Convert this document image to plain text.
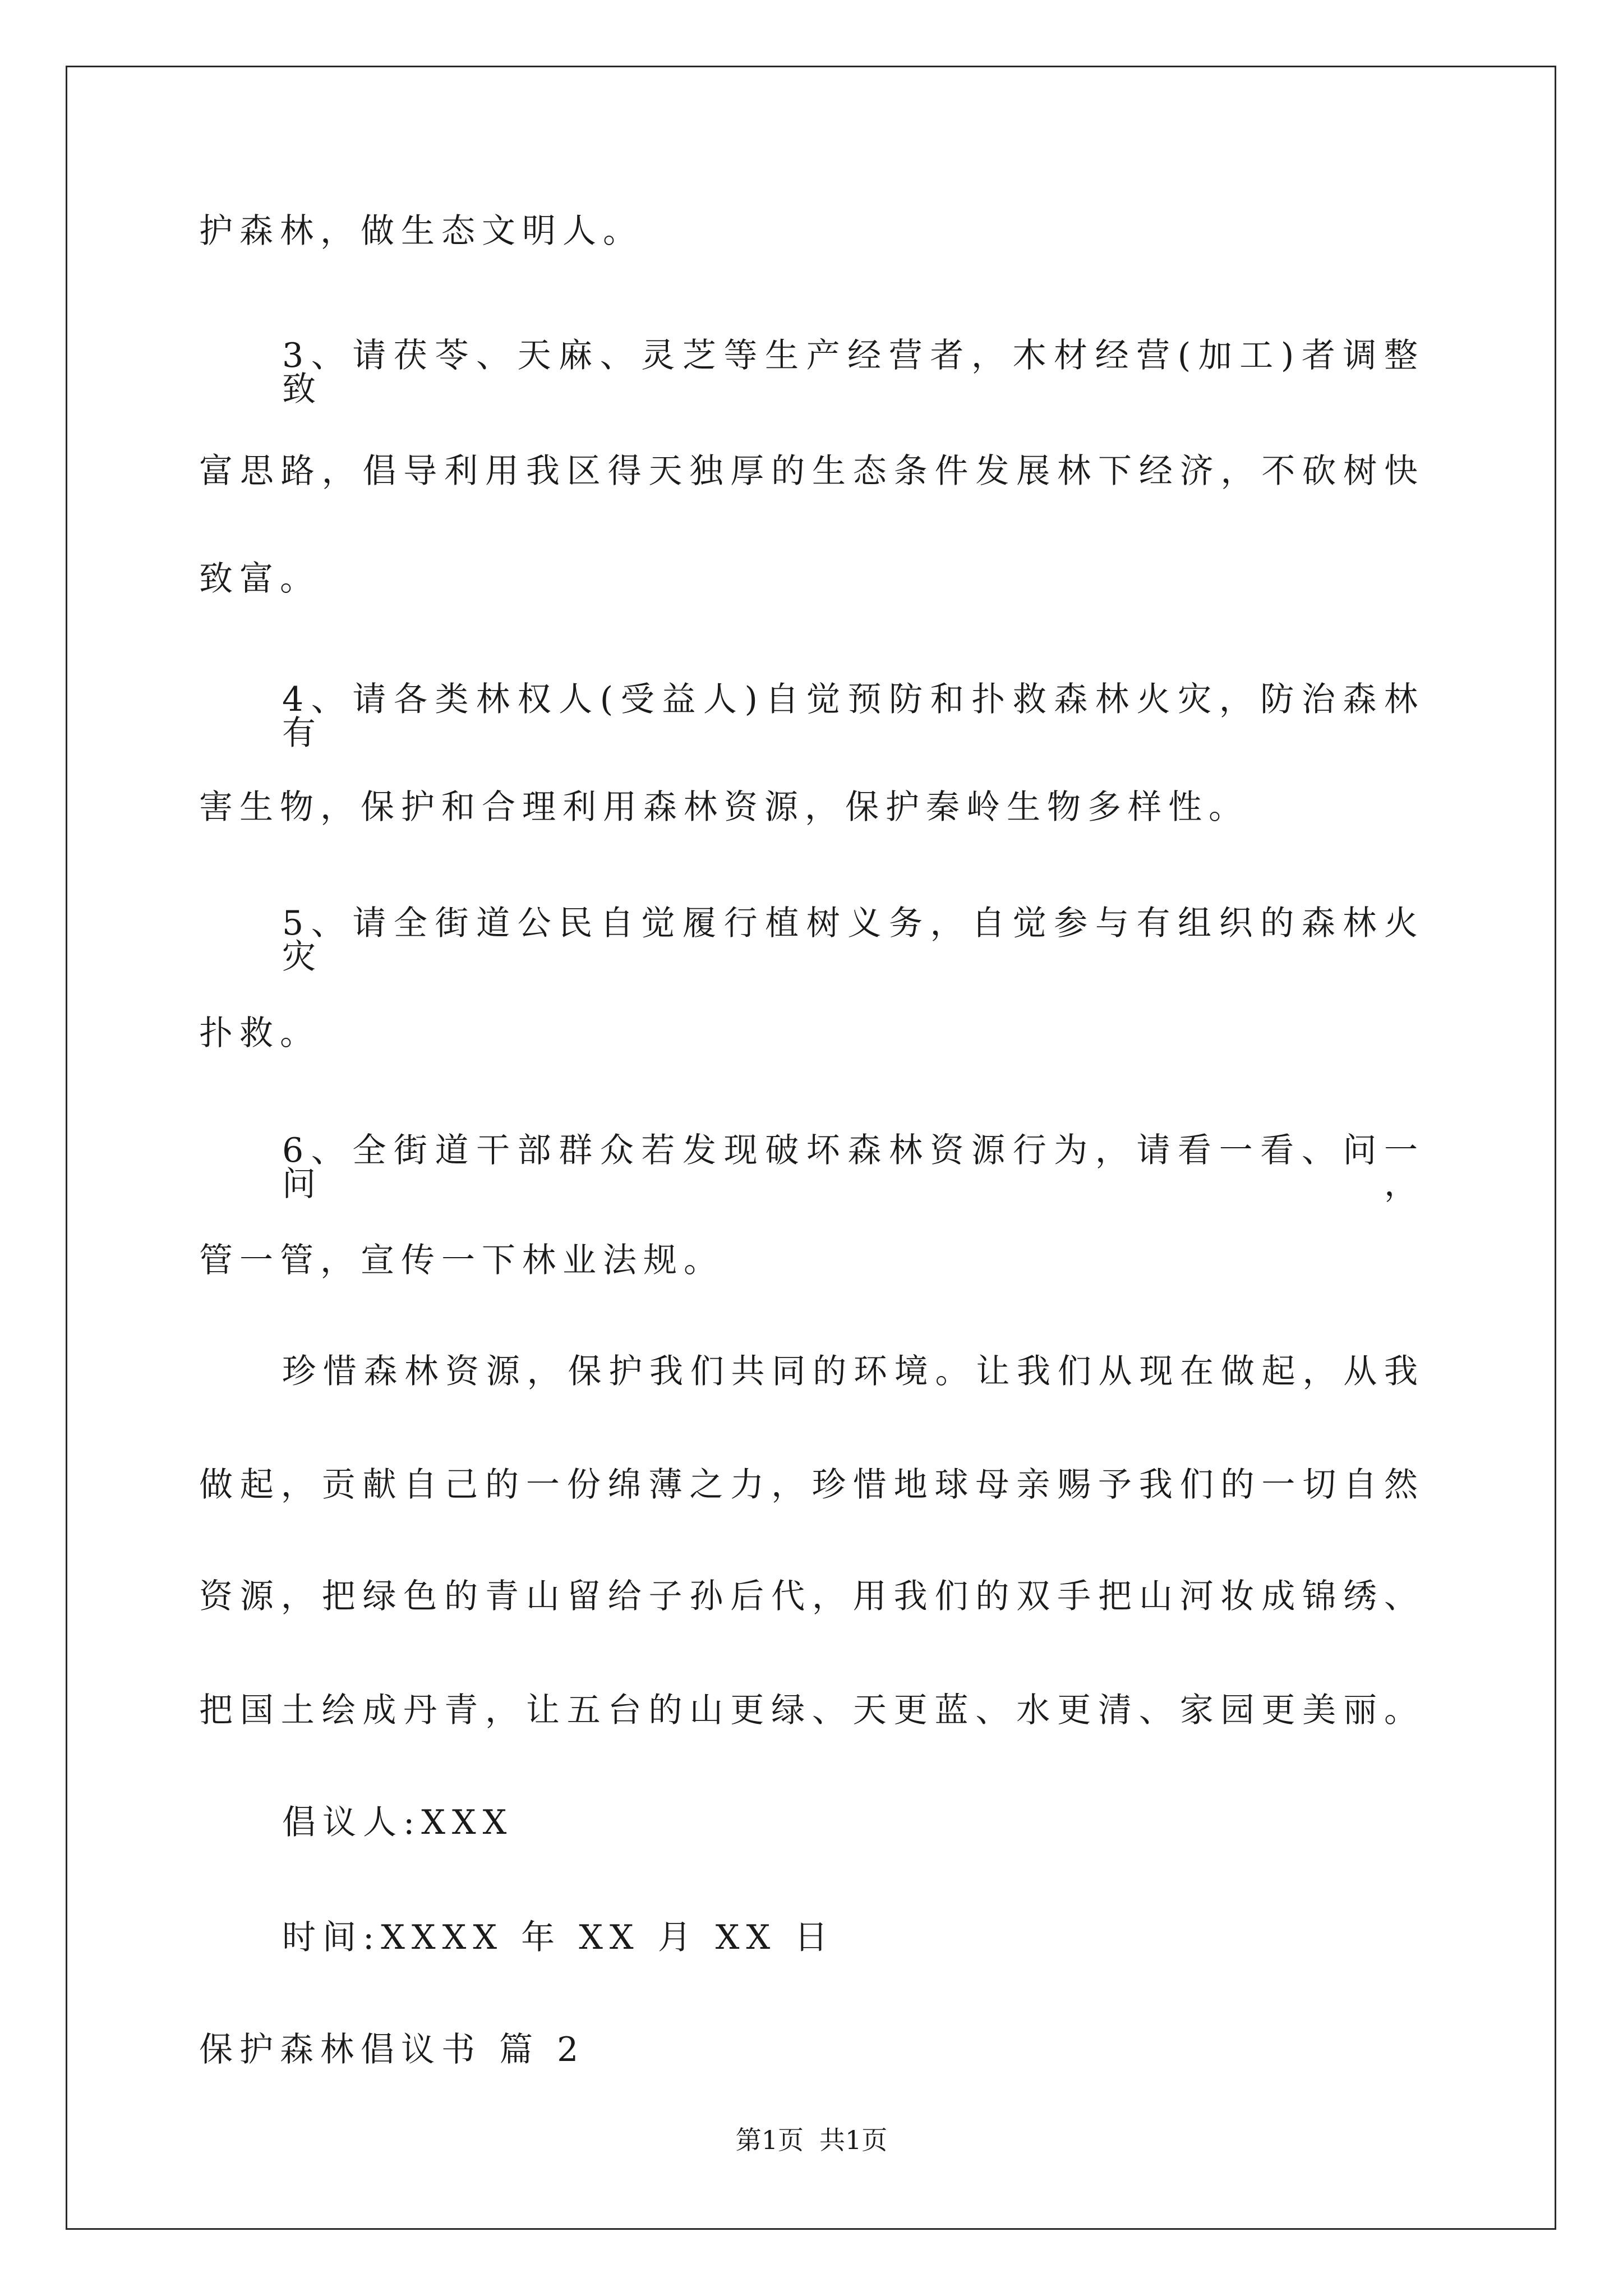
护森林，做生态文明人。
3、请茯苓、天麻、灵芝等生产经营者，木材经营(加工)者调整致
富思路，倡导利用我区得天独厚的生态条件发展林下经济，不砍树快
致富。
4、请各类林权人(受益人)自觉预防和扑救森林火灾，防治森林有
害生物，保护和合理利用森林资源，保护秦岭生物多样性。
5、请全街道公民自觉履行植树义务，自觉参与有组织的森林火灾
扑救。
6、全街道干部群众若发现破坏森林资源行为，请看一看、问一问，
管一管，宣传一下林业法规。
珍惜森林资源，保护我们共同的环境。让我们从现在做起，从我
做起，贡献自己的一份绵薄之力，珍惜地球母亲赐予我们的一切自然
资源，把绿色的青山留给子孙后代，用我们的双手把山河妆成锦绣、
把国土绘成丹青，让五台的山更绿、天更蓝、水更清、家园更美丽。
倡议人:XXX
时间:XXXX 年 XX 月 XX 日
保护森林倡议书 篇 2
第1页 共1页
